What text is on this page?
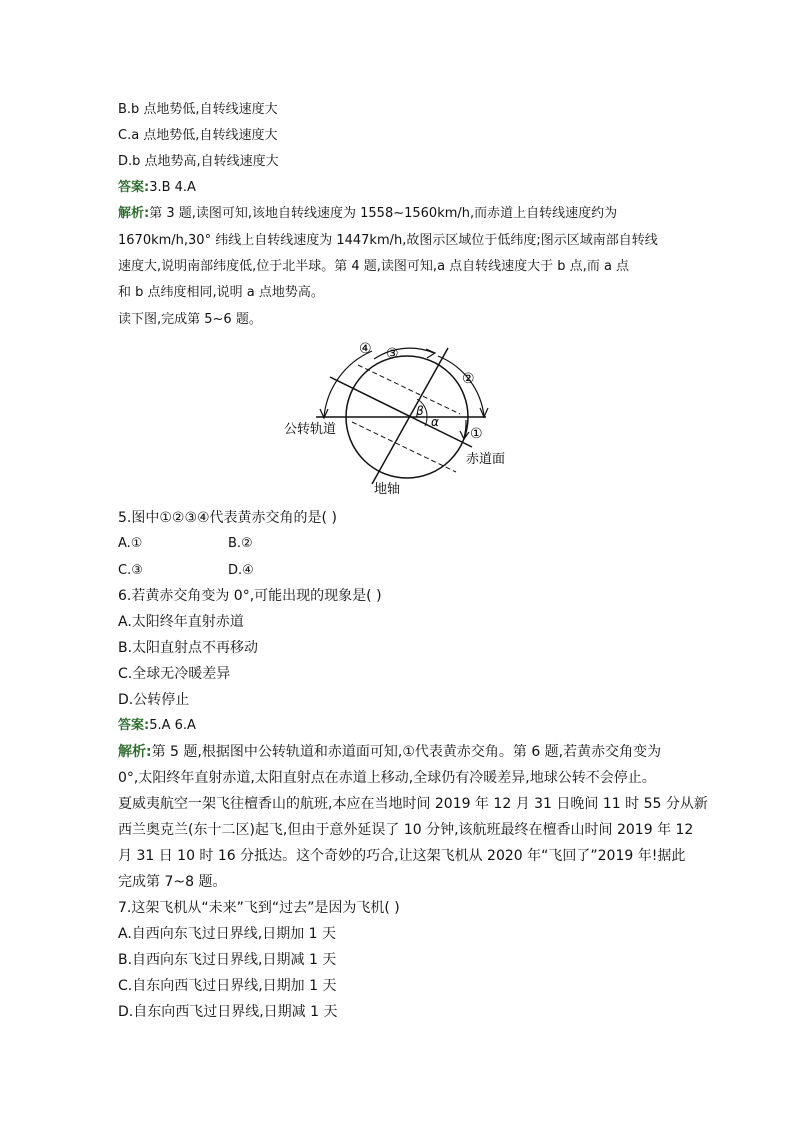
B.b 点地势低,自转线速度大
C.a 点地势低,自转线速度大
D.b 点地势高,自转线速度大
答案:3.B 4.A
解析:第 3 题,读图可知,该地自转线速度为 1558~1560km/h,而赤道上自转线速度约为
1670km/h,30° 纬线上自转线速度为 1447km/h,故图示区域位于低纬度;图示区域南部自转线
速度大,说明南部纬度低,位于北半球。第 4 题,读图可知,a 点自转线速度大于 b 点,而 a 点
和 b 点纬度相同,说明 a 点地势高。
读下图,完成第 5~6 题。
④ ③
②
①
β
α
公转轨道
赤道面
地轴
5.图中①②③④代表黄赤交角的是( )
A.①	B.②
C.③	D.④
6.若黄赤交角变为 0°,可能出现的现象是( )
A.太阳终年直射赤道
B.太阳直射点不再移动
C.全球无冷暖差异
D.公转停止
答案:5.A 6.A
解析:第 5 题,根据图中公转轨道和赤道面可知,①代表黄赤交角。第 6 题,若黄赤交角变为
0°,太阳终年直射赤道,太阳直射点在赤道上移动,全球仍有冷暖差异,地球公转不会停止。
夏威夷航空一架飞往檀香山的航班,本应在当地时间 2019 年 12 月 31 日晚间 11 时 55 分从新
西兰奥克兰(东十二区)起飞,但由于意外延误了 10 分钟,该航班最终在檀香山时间 2019 年 12
月 31 日 10 时 16 分抵达。这个奇妙的巧合,让这架飞机从 2020 年“飞回了”2019 年!据此
完成第 7~8 题。
7.这架飞机从“未来”飞到“过去”是因为飞机( )
A.自西向东飞过日界线,日期加 1 天
B.自西向东飞过日界线,日期减 1 天
C.自东向西飞过日界线,日期加 1 天
D.自东向西飞过日界线,日期减 1 天
